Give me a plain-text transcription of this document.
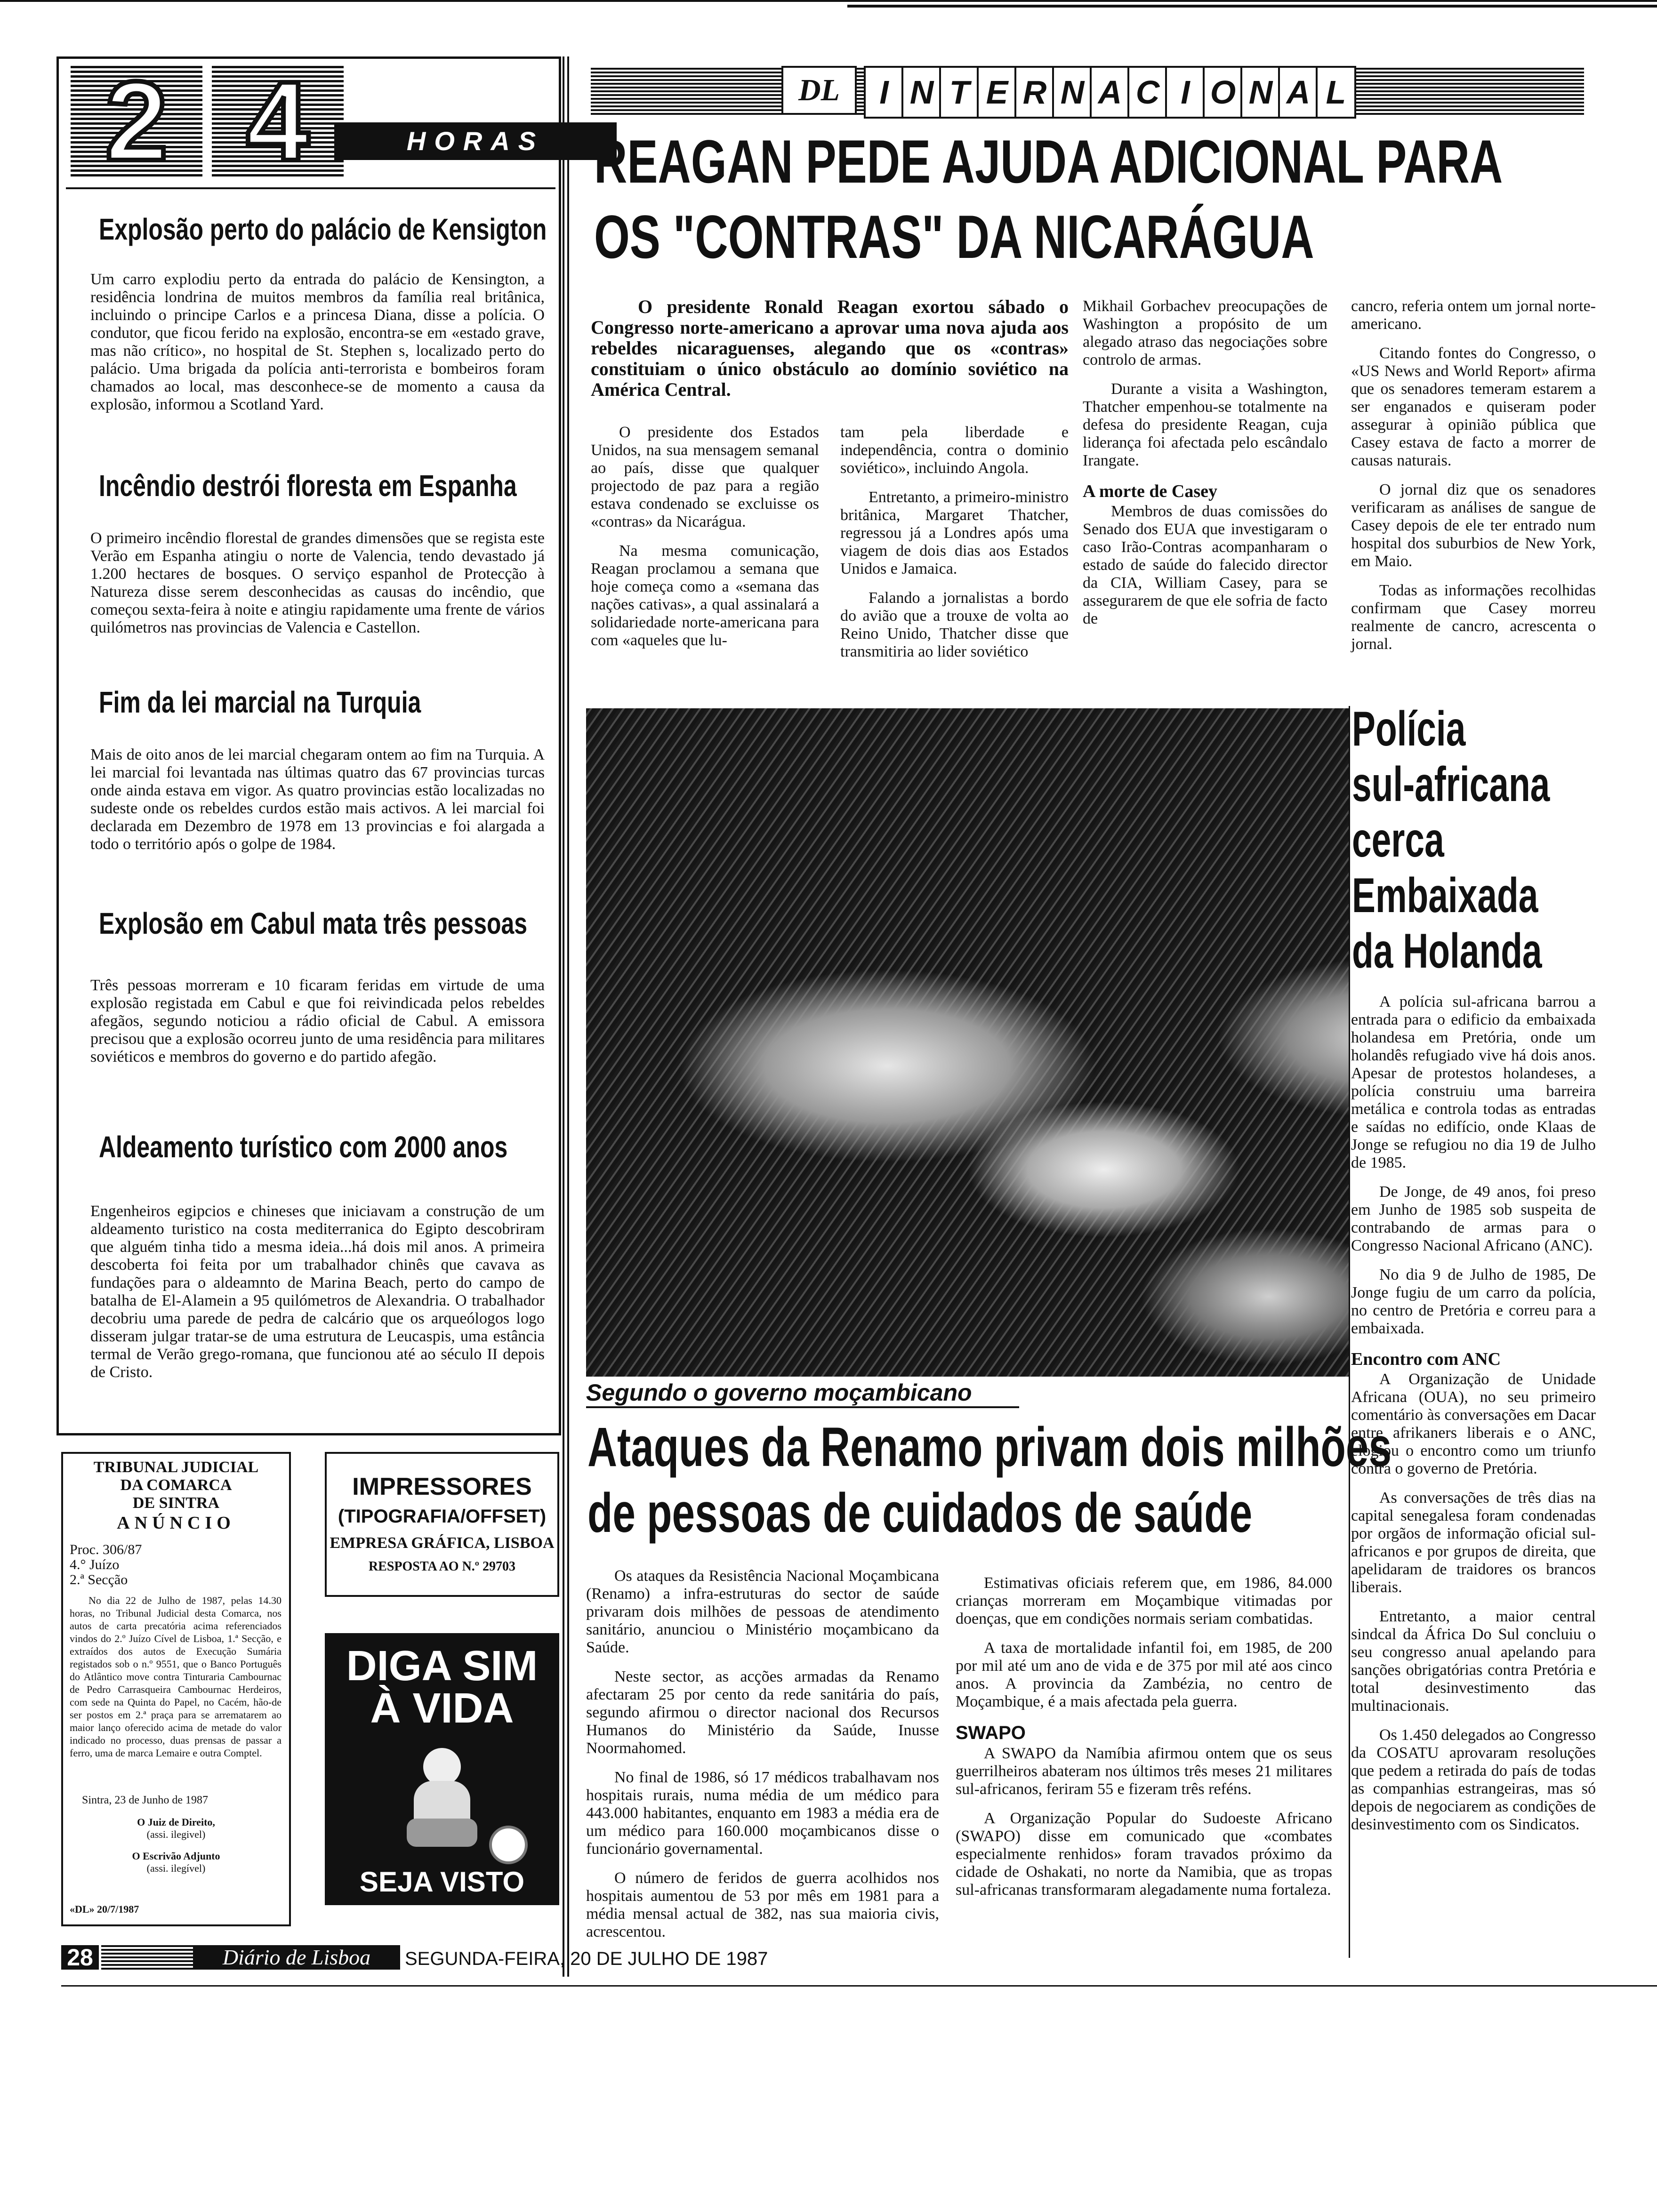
2 4	HORAS
Explosão perto do palácio de Kensigton

Um carro explodiu perto da entrada do palácio de Kensington, a residência londrina de muitos membros da família real britânica, incluindo o principe Carlos e a princesa Diana, disse a polícia. O condutor, que ficou ferido na explosão, encontra-se em «estado grave, mas não crítico», no hospital de St. Stephen s, localizado perto do palácio. Uma brigada da polícia anti-terrorista e bombeiros foram chamados ao local, mas desconhece-se de momento a causa da explosão, informou a Scotland Yard.

Incêndio destrói floresta em Espanha

O primeiro incêndio florestal de grandes dimensões que se regista este Verão em Espanha atingiu o norte de Valencia, tendo devastado já 1.200 hectares de bosques. O serviço espanhol de Protecção à Natureza disse serem desconhecidas as causas do incêndio, que começou sexta-feira à noite e atingiu rapidamente uma frente de vários quilómetros nas provincias de Valencia e Castellon.

Fim da lei marcial na Turquia

Mais de oito anos de lei marcial chegaram ontem ao fim na Turquia. A lei marcial foi levantada nas últimas quatro das 67 provincias turcas onde ainda estava em vigor. As quatro provincias estão localizadas no sudeste onde os rebeldes curdos estão mais activos. A lei marcial foi declarada em Dezembro de 1978 em 13 provincias e foi alargada a todo o território após o golpe de 1984.

Explosão em Cabul mata três pessoas

Três pessoas morreram e 10 ficaram feridas em virtude de uma explosão registada em Cabul e que foi reivindicada pelos rebeldes afegãos, segundo noticiou a rádio oficial de Cabul. A emissora precisou que a explosão ocorreu junto de uma residência para militares soviéticos e membros do governo e do partido afegão.

Aldeamento turístico com 2000 anos

Engenheiros egipcios e chineses que iniciavam a construção de um aldeamento turistico na costa mediterranica do Egipto descobriram que alguém tinha tido a mesma ideia...há dois mil anos. A primeira descoberta foi feita por um trabalhador chinês que cavava as fundações para o aldeamnto de Marina Beach, perto do campo de batalha de El-Alamein a 95 quilómetros de Alexandria. O trabalhador decobriu uma parede de pedra de calcário que os arqueólogos logo disseram julgar tratar-se de uma estrutura de Leucaspis, uma estância termal de Verão grego-romana, que funcionou até ao século II depois de Cristo.

TRIBUNAL JUDICIAL
DA COMARCA
DE SINTRA
ANÚNCIO
Proc. 306/87
4.° Juízo
2.ª Secção
No dia 22 de Julho de 1987, pelas 14.30 horas, no Tribunal Judicial desta Comarca, nos autos de carta precatória acima referenciados vindos do 2.º Juízo Cível de Lisboa, 1.ª Secção, e extraídos dos autos de Execução Sumária registados sob o n.º 9551, que o Banco Português do Atlântico move contra Tinturaria Cambournac de Pedro Carrasqueira Cambournac Herdeiros, com sede na Quinta do Papel, no Cacém, hão-de ser postos em 2.ª praça para se arrematarem ao maior lanço oferecido acima de metade do valor indicado no processo, duas prensas de passar a ferro, uma de marca Lemaire e outra Comptel.
Sintra, 23 de Junho de 1987
O Juiz de Direito,
(assi. ilegivel)
O Escrivão Adjunto
(assi. ilegível)
«DL» 20/7/1987
IMPRESSORES
(TIPOGRAFIA/OFFSET)
EMPRESA GRÁFICA, LISBOA
RESPOSTA AO N.º 29703
DIGA SIM
À VIDA
SEJA VISTO
DL	I N T E R N A C I O N A L
REAGAN PEDE AJUDA ADICIONAL PARA
OS "CONTRAS" DA NICARÁGUA
O presidente Ronald Reagan exortou sábado o Congresso norte-americano a aprovar uma nova ajuda aos rebeldes nicaraguenses, alegando que os «contras» constituiam o único obstáculo ao domínio soviético na América Central.

O presidente dos Estados Unidos, na sua mensagem semanal ao país, disse que qualquer projectodo de paz para a região estava condenado se excluisse os «contras» da Nicarágua.

Na mesma comunicação, Reagan proclamou a semana que hoje começa como a «semana das nações cativas», a qual assinalará a solidariedade norte-americana para com «aqueles que lu-

tam pela liberdade e independência, contra o dominio soviético», incluindo Angola.

Entretanto, a primeiro-ministro britânica, Margaret Thatcher, regressou já a Londres após uma viagem de dois dias aos Estados Unidos e Jamaica.

Falando a jornalistas a bordo do avião que a trouxe de volta ao Reino Unido, Thatcher disse que transmitiria ao lider soviético

Mikhail Gorbachev preocupações de Washington a propósito de um alegado atraso das negociações sobre controlo de armas.

Durante a visita a Washington, Thatcher empenhou-se totalmente na defesa do presidente Reagan, cuja liderança foi afectada pelo escândalo Irangate.

A morte de Casey

Membros de duas comissões do Senado dos EUA que investigaram o caso Irão-Contras acompanharam o estado de saúde do falecido director da CIA, William Casey, para se assegurarem de que ele sofria de facto de

cancro, referia ontem um jornal norte-americano.

Citando fontes do Congresso, o «US News and World Report» afirma que os senadores temeram estarem a ser enganados e quiseram poder assegurar à opinião pública que Casey estava de facto a morrer de causas naturais.

O jornal diz que os senadores verificaram as análises de sangue de Casey depois de ele ter entrado num hospital dos suburbios de New York, em Maio.

Todas as informações recolhidas confirmam que Casey morreu realmente de cancro, acrescenta o jornal.

Segundo o governo moçambicano
Ataques da Renamo privam dois milhões
de pessoas de cuidados de saúde

Os ataques da Resistência Nacional Moçambicana (Renamo) a infra-estruturas do sector de saúde privaram dois milhões de pessoas de atendimento sanitário, anunciou o Ministério moçambicano da Saúde.

Neste sector, as acções armadas da Renamo afectaram 25 por cento da rede sanitária do país, segundo afirmou o director nacional dos Recursos Humanos do Ministério da Saúde, Inusse Noormahomed.

No final de 1986, só 17 médicos trabalhavam nos hospitais rurais, numa média de um médico para 443.000 habitantes, enquanto em 1983 a média era de um médico para 160.000 moçambicanos disse o funcionário governamental.

O número de feridos de guerra acolhidos nos hospitais aumentou de 53 por mês em 1981 para a média mensal actual de 382, nas sua maioria civis, acrescentou.

Estimativas oficiais referem que, em 1986, 84.000 crianças morreram em Moçambique vitimadas por doenças, que em condições normais seriam combatidas.

A taxa de mortalidade infantil foi, em 1985, de 200 por mil até um ano de vida e de 375 por mil até aos cinco anos. A provincia da Zambézia, no centro de Moçambique, é a mais afectada pela guerra.

SWAPO

A SWAPO da Namíbia afirmou ontem que os seus guerrilheiros abateram nos últimos três meses 21 militares sul-africanos, feriram 55 e fizeram três reféns.

A Organização Popular do Sudoeste Africano (SWAPO) disse em comunicado que «combates especialmente renhidos» foram travados próximo da cidade de Oshakati, no norte da Namibia, que as tropas sul-africanas transformaram alegadamente numa fortaleza.

Polícia
sul-africana
cerca
Embaixada
da Holanda

A polícia sul-africana barrou a entrada para o edificio da embaixada holandesa em Pretória, onde um holandês refugiado vive há dois anos. Apesar de protestos holandeses, a polícia construiu uma barreira metálica e controla todas as entradas e saídas no edifício, onde Klaas de Jonge se refugiou no dia 19 de Julho de 1985.

De Jonge, de 49 anos, foi preso em Junho de 1985 sob suspeita de contrabando de armas para o Congresso Nacional Africano (ANC).

No dia 9 de Julho de 1985, De Jonge fugiu de um carro da polícia, no centro de Pretória e correu para a embaixada.

Encontro com ANC

A Organização de Unidade Africana (OUA), no seu primeiro comentário às conversações em Dacar entre afrikaners liberais e o ANC, elogiou o encontro como um triunfo contra o governo de Pretória.

As conversações de três dias na capital senegalesa foram condenadas por orgãos de informação oficial sul-africanos e por grupos de direita, que apelidaram de traidores os brancos liberais.

Entretanto, a maior central sindcal da África Do Sul concluiu o seu congresso anual apelando para sanções obrigatórias contra Pretória e total desinvestimento das multinacionais.

Os 1.450 delegados ao Congresso da COSATU aprovaram resoluções que pedem a retirada do país de todas as companhias estrangeiras, mas só depois de negociarem as condições de desinvestimento com os Sindicatos.

28	Diário de Lisboa	SEGUNDA-FEIRA, 20 DE JULHO DE 1987
